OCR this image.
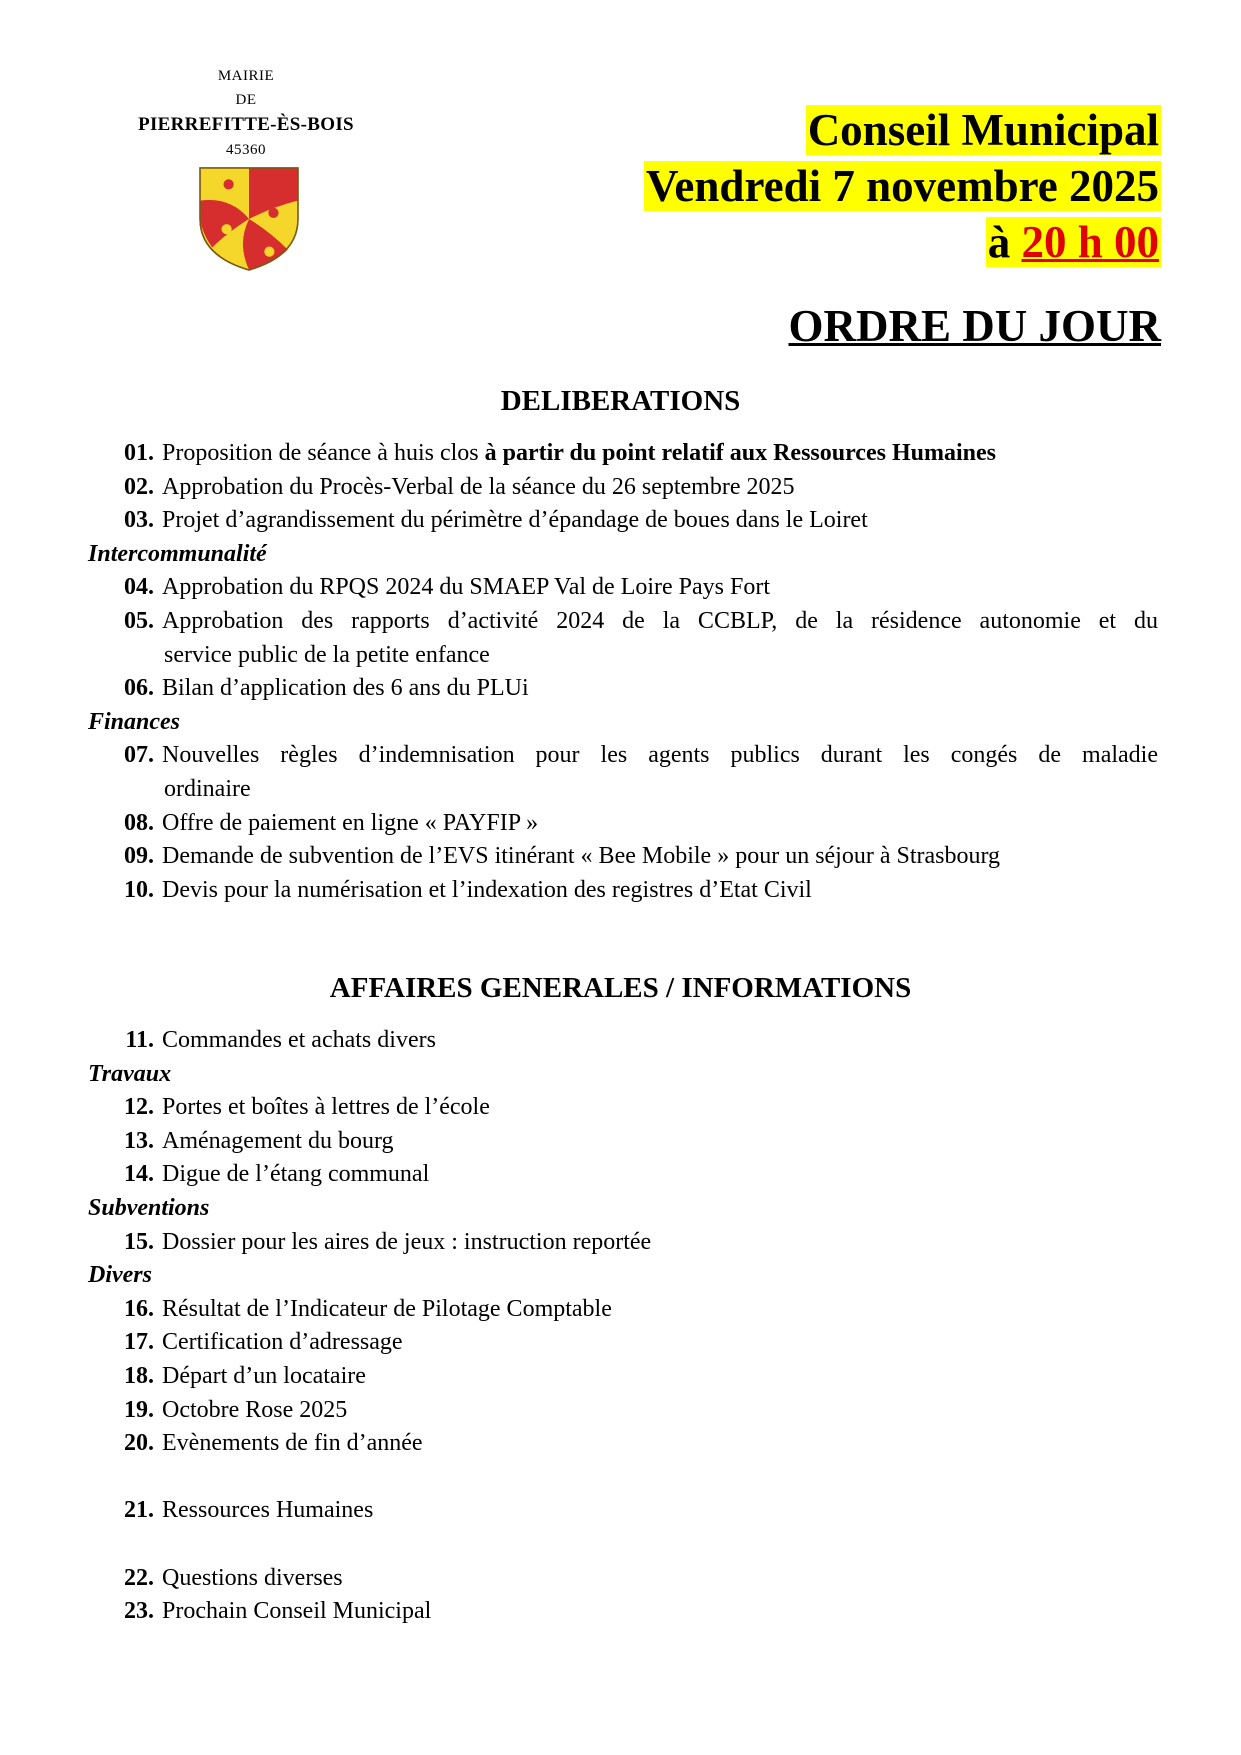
MAIRIE
DE
PIERREFITTE-ÈS-BOIS
45360	Conseil Municipal
Vendredi 7 novembre 2025
à 20 h 00
ORDRE DU JOUR
DELIBERATIONS
01. Proposition de séance à huis clos à partir du point relatif aux Ressources Humaines
02. Approbation du Procès-Verbal de la séance du 26 septembre 2025
03. Projet d’agrandissement du périmètre d’épandage de boues dans le Loiret
Intercommunalité
04. Approbation du RPQS 2024 du SMAEP Val de Loire Pays Fort
05. Approbation des rapports d’activité 2024 de la CCBLP, de la résidence autonomie et du
service public de la petite enfance
06. Bilan d’application des 6 ans du PLUi
Finances
07. Nouvelles règles d’indemnisation pour les agents publics durant les congés de maladie
ordinaire
08. Offre de paiement en ligne « PAYFIP »
09. Demande de subvention de l’EVS itinérant « Bee Mobile » pour un séjour à Strasbourg
10. Devis pour la numérisation et l’indexation des registres d’Etat Civil
AFFAIRES GENERALES / INFORMATIONS
11. Commandes et achats divers
Travaux
12. Portes et boîtes à lettres de l’école
13. Aménagement du bourg
14. Digue de l’étang communal
Subventions
15. Dossier pour les aires de jeux : instruction reportée
Divers
16. Résultat de l’Indicateur de Pilotage Comptable
17. Certification d’adressage
18. Départ d’un locataire
19. Octobre Rose 2025
20. Evènements de fin d’année
21. Ressources Humaines
22. Questions diverses
23. Prochain Conseil Municipal
